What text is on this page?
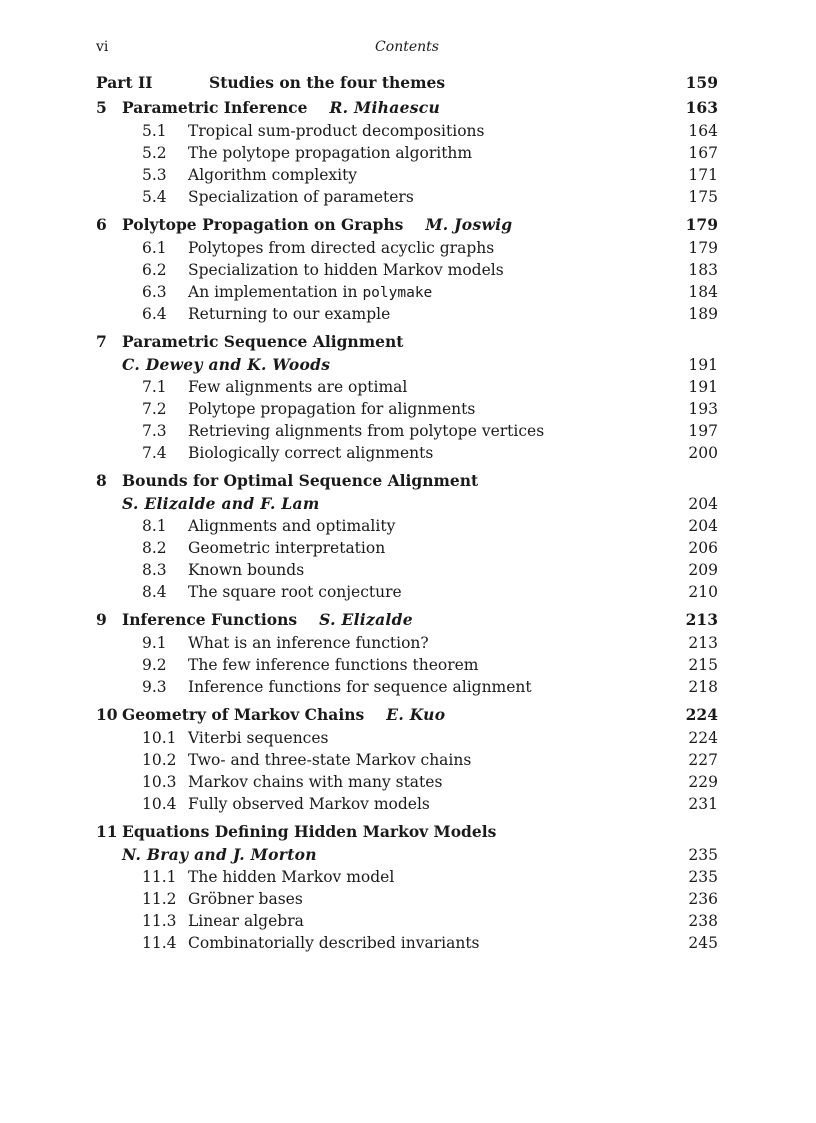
vi	Contents
Part II	Studies on the four themes	159
5 Parametric Inference R. Mihaescu	163
5.1 Tropical sum-product decompositions	164
5.2 The polytope propagation algorithm	167
5.3 Algorithm complexity	171
5.4 Specialization of parameters	175
6 Polytope Propagation on Graphs M. Joswig	179
6.1 Polytopes from directed acyclic graphs	179
6.2 Specialization to hidden Markov models	183
6.3 An implementation in polymake	184
6.4 Returning to our example	189
7 Parametric Sequence Alignment
C. Dewey and K. Woods	191
7.1 Few alignments are optimal	191
7.2 Polytope propagation for alignments	193
7.3 Retrieving alignments from polytope vertices	197
7.4 Biologically correct alignments	200
8 Bounds for Optimal Sequence Alignment
S. Elizalde and F. Lam	204
8.1 Alignments and optimality	204
8.2 Geometric interpretation	206
8.3 Known bounds	209
8.4 The square root conjecture	210
9 Inference Functions S. Elizalde	213
9.1 What is an inference function?	213
9.2 The few inference functions theorem	215
9.3 Inference functions for sequence alignment	218
10 Geometry of Markov Chains E. Kuo	224
10.1 Viterbi sequences	224
10.2 Two- and three-state Markov chains	227
10.3 Markov chains with many states	229
10.4 Fully observed Markov models	231
11 Equations Defining Hidden Markov Models
N. Bray and J. Morton	235
11.1 The hidden Markov model	235
11.2 Gröbner bases	236
11.3 Linear algebra	238
11.4 Combinatorially described invariants	245
